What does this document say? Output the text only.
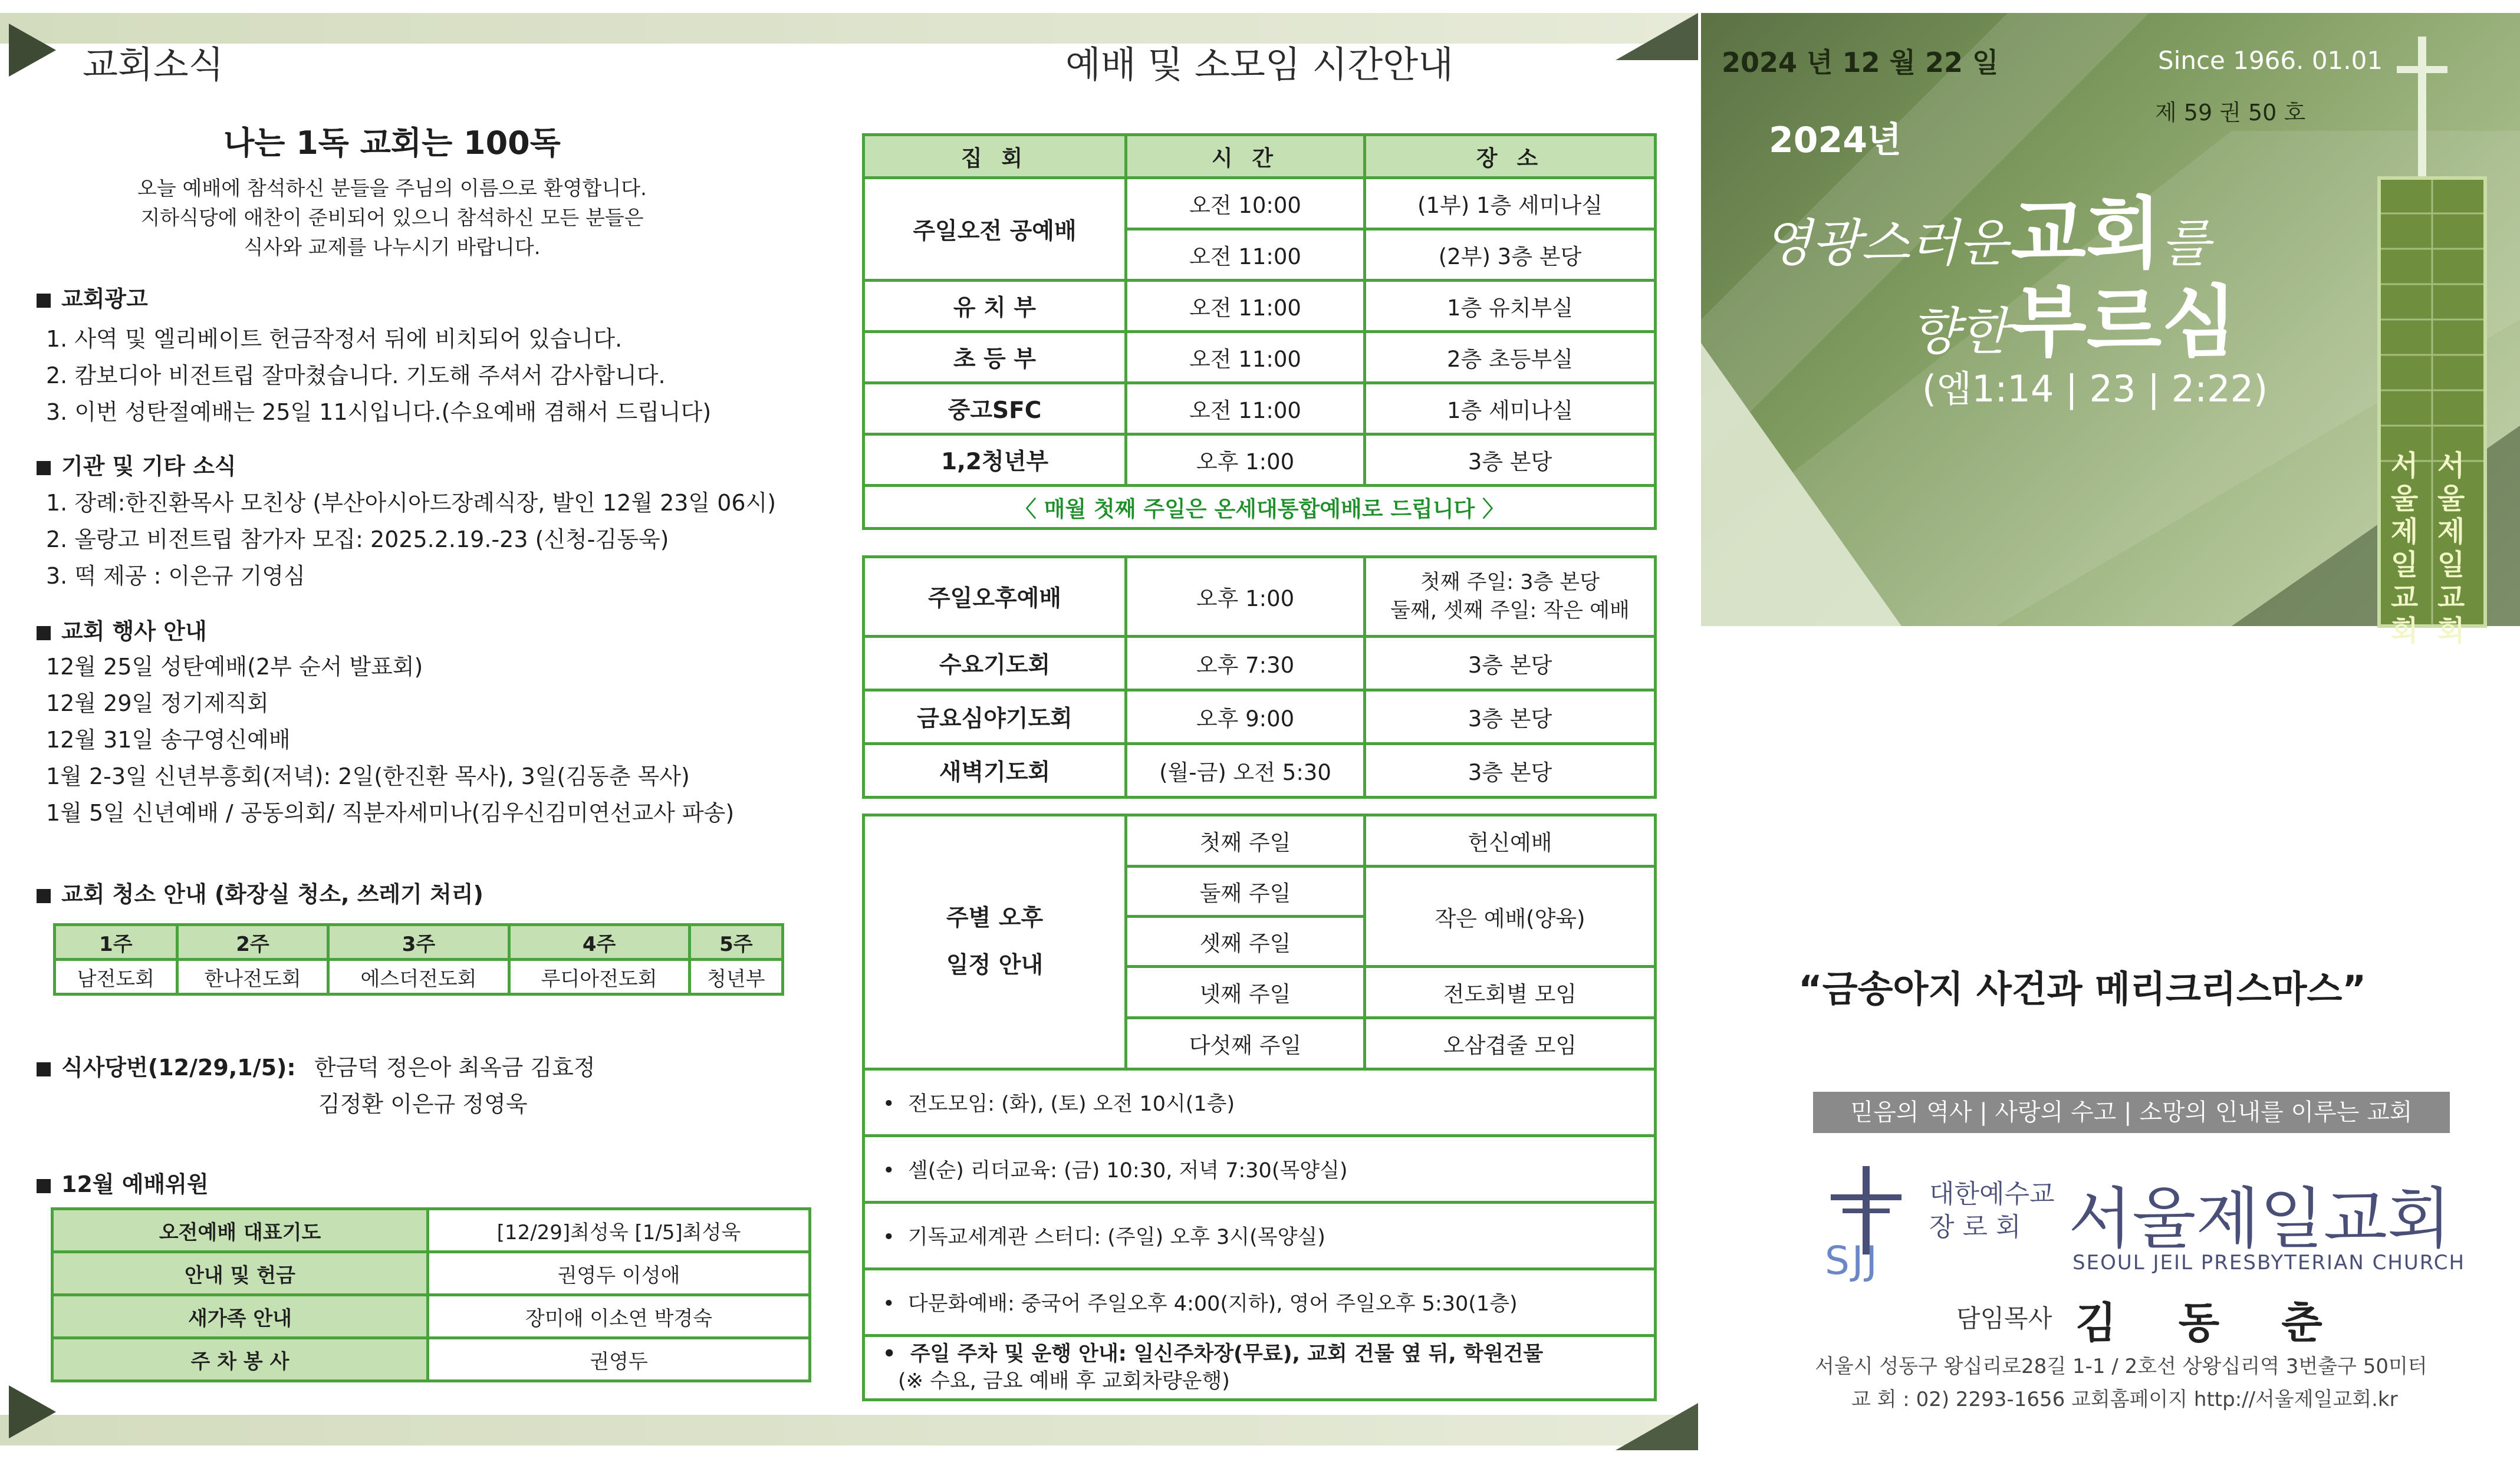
교회소식
나는 1독 교회는 100독
오늘 예배에 참석하신 분들을 주님의 이름으로 환영합니다.
지하식당에 애찬이 준비되어 있으니 참석하신 모든 분들은
식사와 교제를 나누시기 바랍니다.
교회광고
1. 사역 및 엘리베이트 헌금작정서 뒤에 비치되어 있습니다.
2. 캄보디아 비전트립 잘마쳤습니다. 기도해 주셔서 감사합니다.
3. 이번 성탄절예배는 25일 11시입니다.(수요예배 겸해서 드립니다)
기관 및 기타 소식
1. 장례:한진환목사 모친상 (부산아시아드장례식장, 발인 12월 23일 06시)
2. 올랑고 비전트립 참가자 모집: 2025.2.19.-23 (신청-김동욱)
3. 떡 제공 : 이은규 기영심
교회 행사 안내
12월 25일 성탄예배(2부 순서 발표회)
12월 29일 정기제직회
12월 31일 송구영신예배
1월 2-3일 신년부흥회(저녁): 2일(한진환 목사), 3일(김동춘 목사)
1월 5일 신년예배 / 공동의회/ 직분자세미나(김우신김미연선교사 파송)
교회 청소 안내 (화장실 청소, 쓰레기 처리)
1주	2주	3주	4주	5주
남전도회	한나전도회	에스더전도회	루디아전도회	청년부
식사당번(12/29,1/5): 한금덕 정은아 최옥금 김효정
김정환 이은규 정영욱
12월 예배위원
오전예배 대표기도	[12/29]최성욱 [1/5]최성욱
안내 및 헌금	권영두 이성애
새가족 안내	장미애 이소연 박경숙
주 차 봉 사	권영두
예배 및 소모임 시간안내
집 회	시 간	장 소
주일오전 공예배	오전 10:00	(1부) 1층 세미나실
	오전 11:00	(2부) 3층 본당
유 치 부	오전 11:00	1층 유치부실
초 등 부	오전 11:00	2층 초등부실
중고SFC	오전 11:00	1층 세미나실
1,2청년부	오후 1:00	3층 본당
〈 매월 첫째 주일은 온세대통합예배로 드립니다 〉		
주일오후예배	오후 1:00	첫째 주일: 3층 본당
둘째, 셋째 주일: 작은 예배

수요기도회	오후 7:30	3층 본당
금요심야기도회	오후 9:00	3층 본당
새벽기도회	(월-금) 오전 5:30	3층 본당
주별 오후
일정 안내	첫째 주일	헌신예배
	둘째 주일	작은 예배(양육)
	셋째 주일	
	넷째 주일	전도회별 모임
	다섯째 주일	오삼겹줄 모임
•  전도모임: (화), (토) 오전 10시(1층)		
•  셀(순) 리더교육: (금) 10:30, 저녁 7:30(목양실)		
•  기독교세계관 스터디: (주일) 오후 3시(목양실)		
•  다문화예배: 중국어 주일오후 4:00(지하), 영어 주일오후 5:30(1층)		

•  주일 주차 및 운행 안내: 일신주차장(무료), 교회 건물 옆 뒤, 학원건물
(※ 수요, 금요 예배 후 교회차량운행)		
서울제일교회
서울제일교회
2024 년 12 월 22 일	Since 1966. 01.01
제 59 권 50 호
2024년
영광스러운 교회를
향한 부르심
(엡1:14 | 23 | 2:22)
“금송아지 사건과 메리크리스마스”
믿음의 역사 | 사랑의 수고 | 소망의 인내를 이루는 교회
SJJ
대한예수교
장 로 회 서울제일교회
SEOUL JEIL PRESBYTERIAN CHURCH
담임목사 김 동 춘
서울시 성동구 왕십리로28길 1-1 / 2호선 상왕십리역 3번출구 50미터
교 회 : 02) 2293-1656 교회홈페이지 http://서울제일교회.kr
